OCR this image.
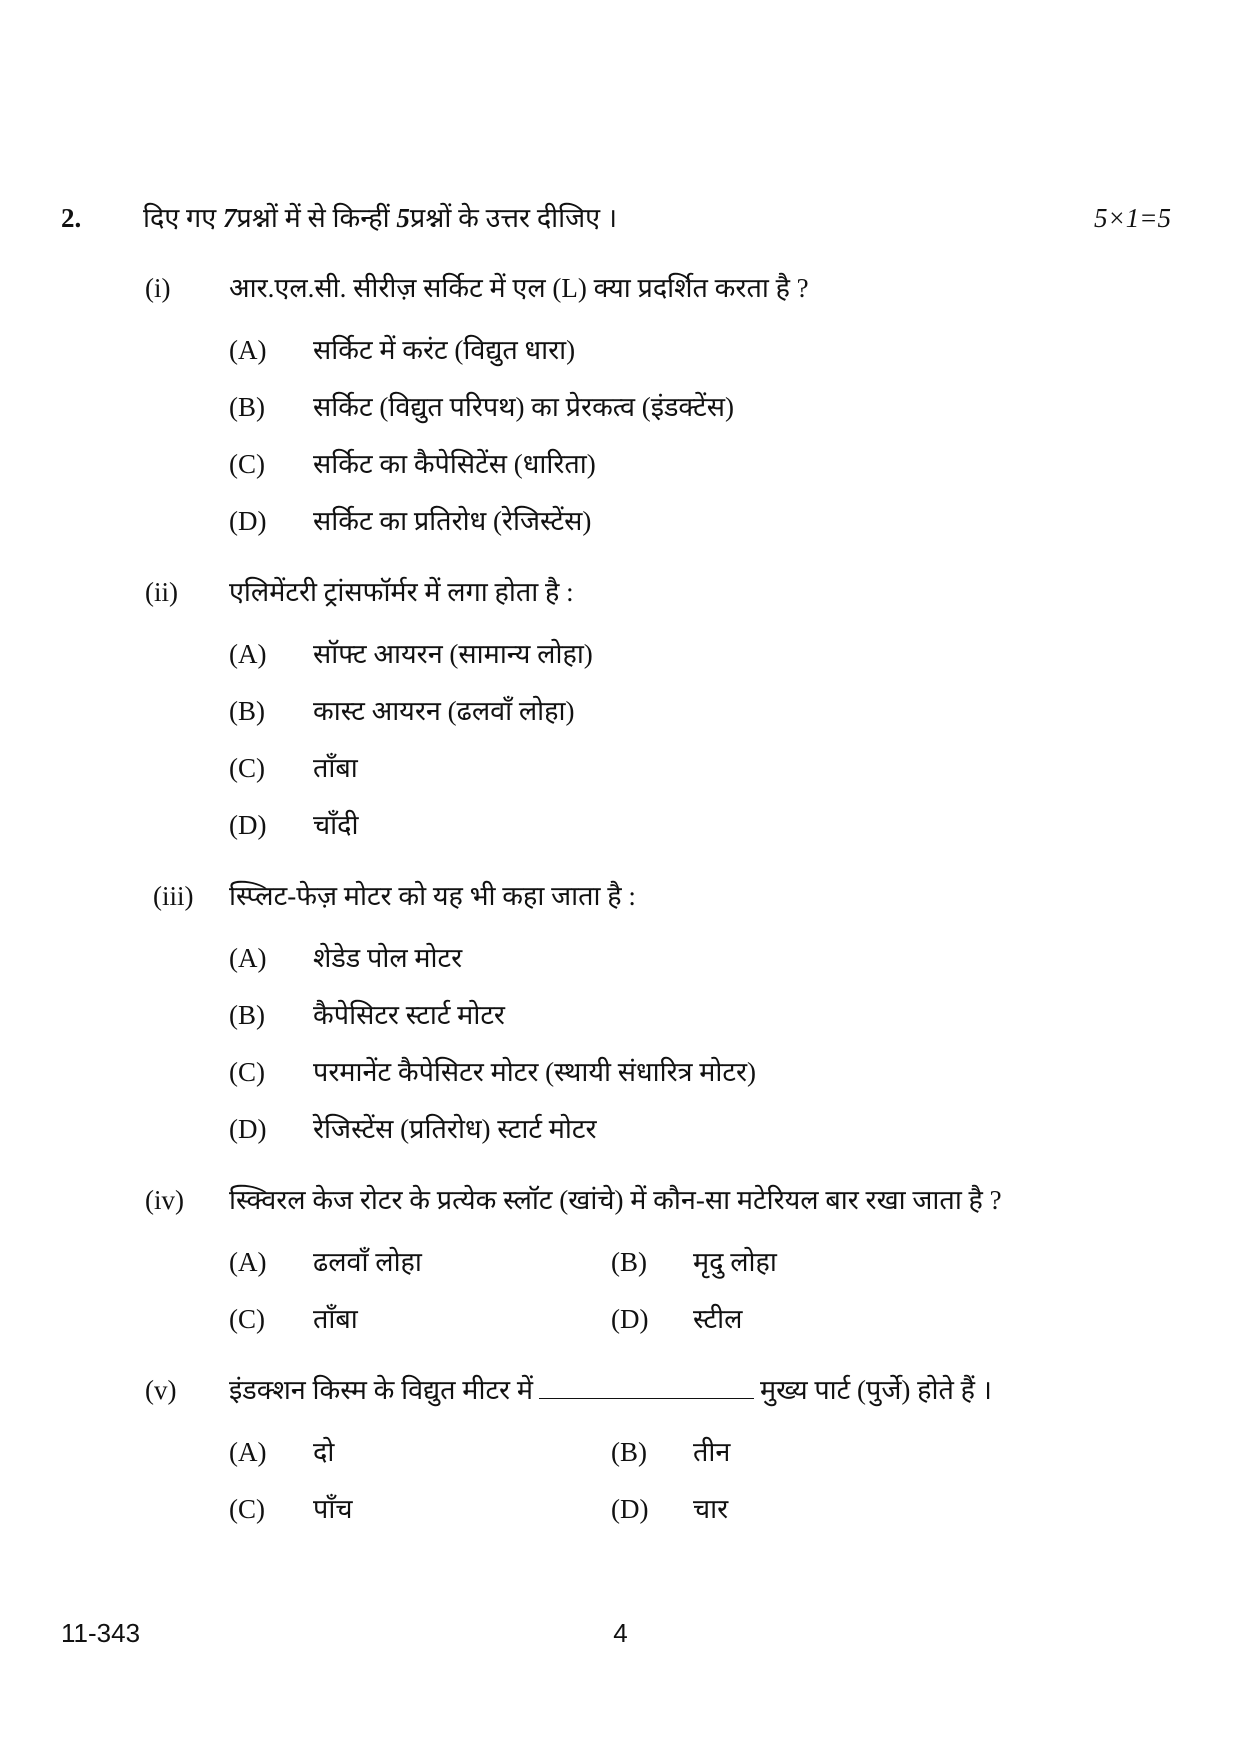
2. दिए गए 7प्रश्नों में से किन्हीं 5प्रश्नों के उत्तर दीजिए ।	5×1=5
(i) आर.एल.सी. सीरीज़ सर्किट में एल (L) क्या प्रदर्शित करता है ?
(A) सर्किट में करंट (विद्युत धारा)
(B) सर्किट (विद्युत परिपथ) का प्रेरकत्व (इंडक्टेंस)
(C) सर्किट का कैपेसिटेंस (धारिता)
(D) सर्किट का प्रतिरोध (रेजिस्टेंस)
(ii) एलिमेंटरी ट्रांसफॉर्मर में लगा होता है :
(A) सॉफ्ट आयरन (सामान्य लोहा)
(B) कास्ट आयरन (ढलवाँ लोहा)
(C) ताँबा
(D) चाँदी
(iii) स्प्लिट-फेज़ मोटर को यह भी कहा जाता है :
(A) शेडेड पोल मोटर
(B) कैपेसिटर स्टार्ट मोटर
(C) परमानेंट कैपेसिटर मोटर (स्थायी संधारित्र मोटर)
(D) रेजिस्टेंस (प्रतिरोध) स्टार्ट मोटर
(iv) स्क्विरल केज रोटर के प्रत्येक स्लॉट (खांचे) में कौन-सा मटेरियल बार रखा जाता है ?
(A) ढलवाँ लोहा	(B) मृदु लोहा
(C) ताँबा	(D) स्टील
(v) इंडक्शन किस्म के विद्युत मीटर में	मुख्य पार्ट (पुर्जे) होते हैं ।
(A) दो	(B) तीन
(C) पाँच	(D) चार
11-343	4
